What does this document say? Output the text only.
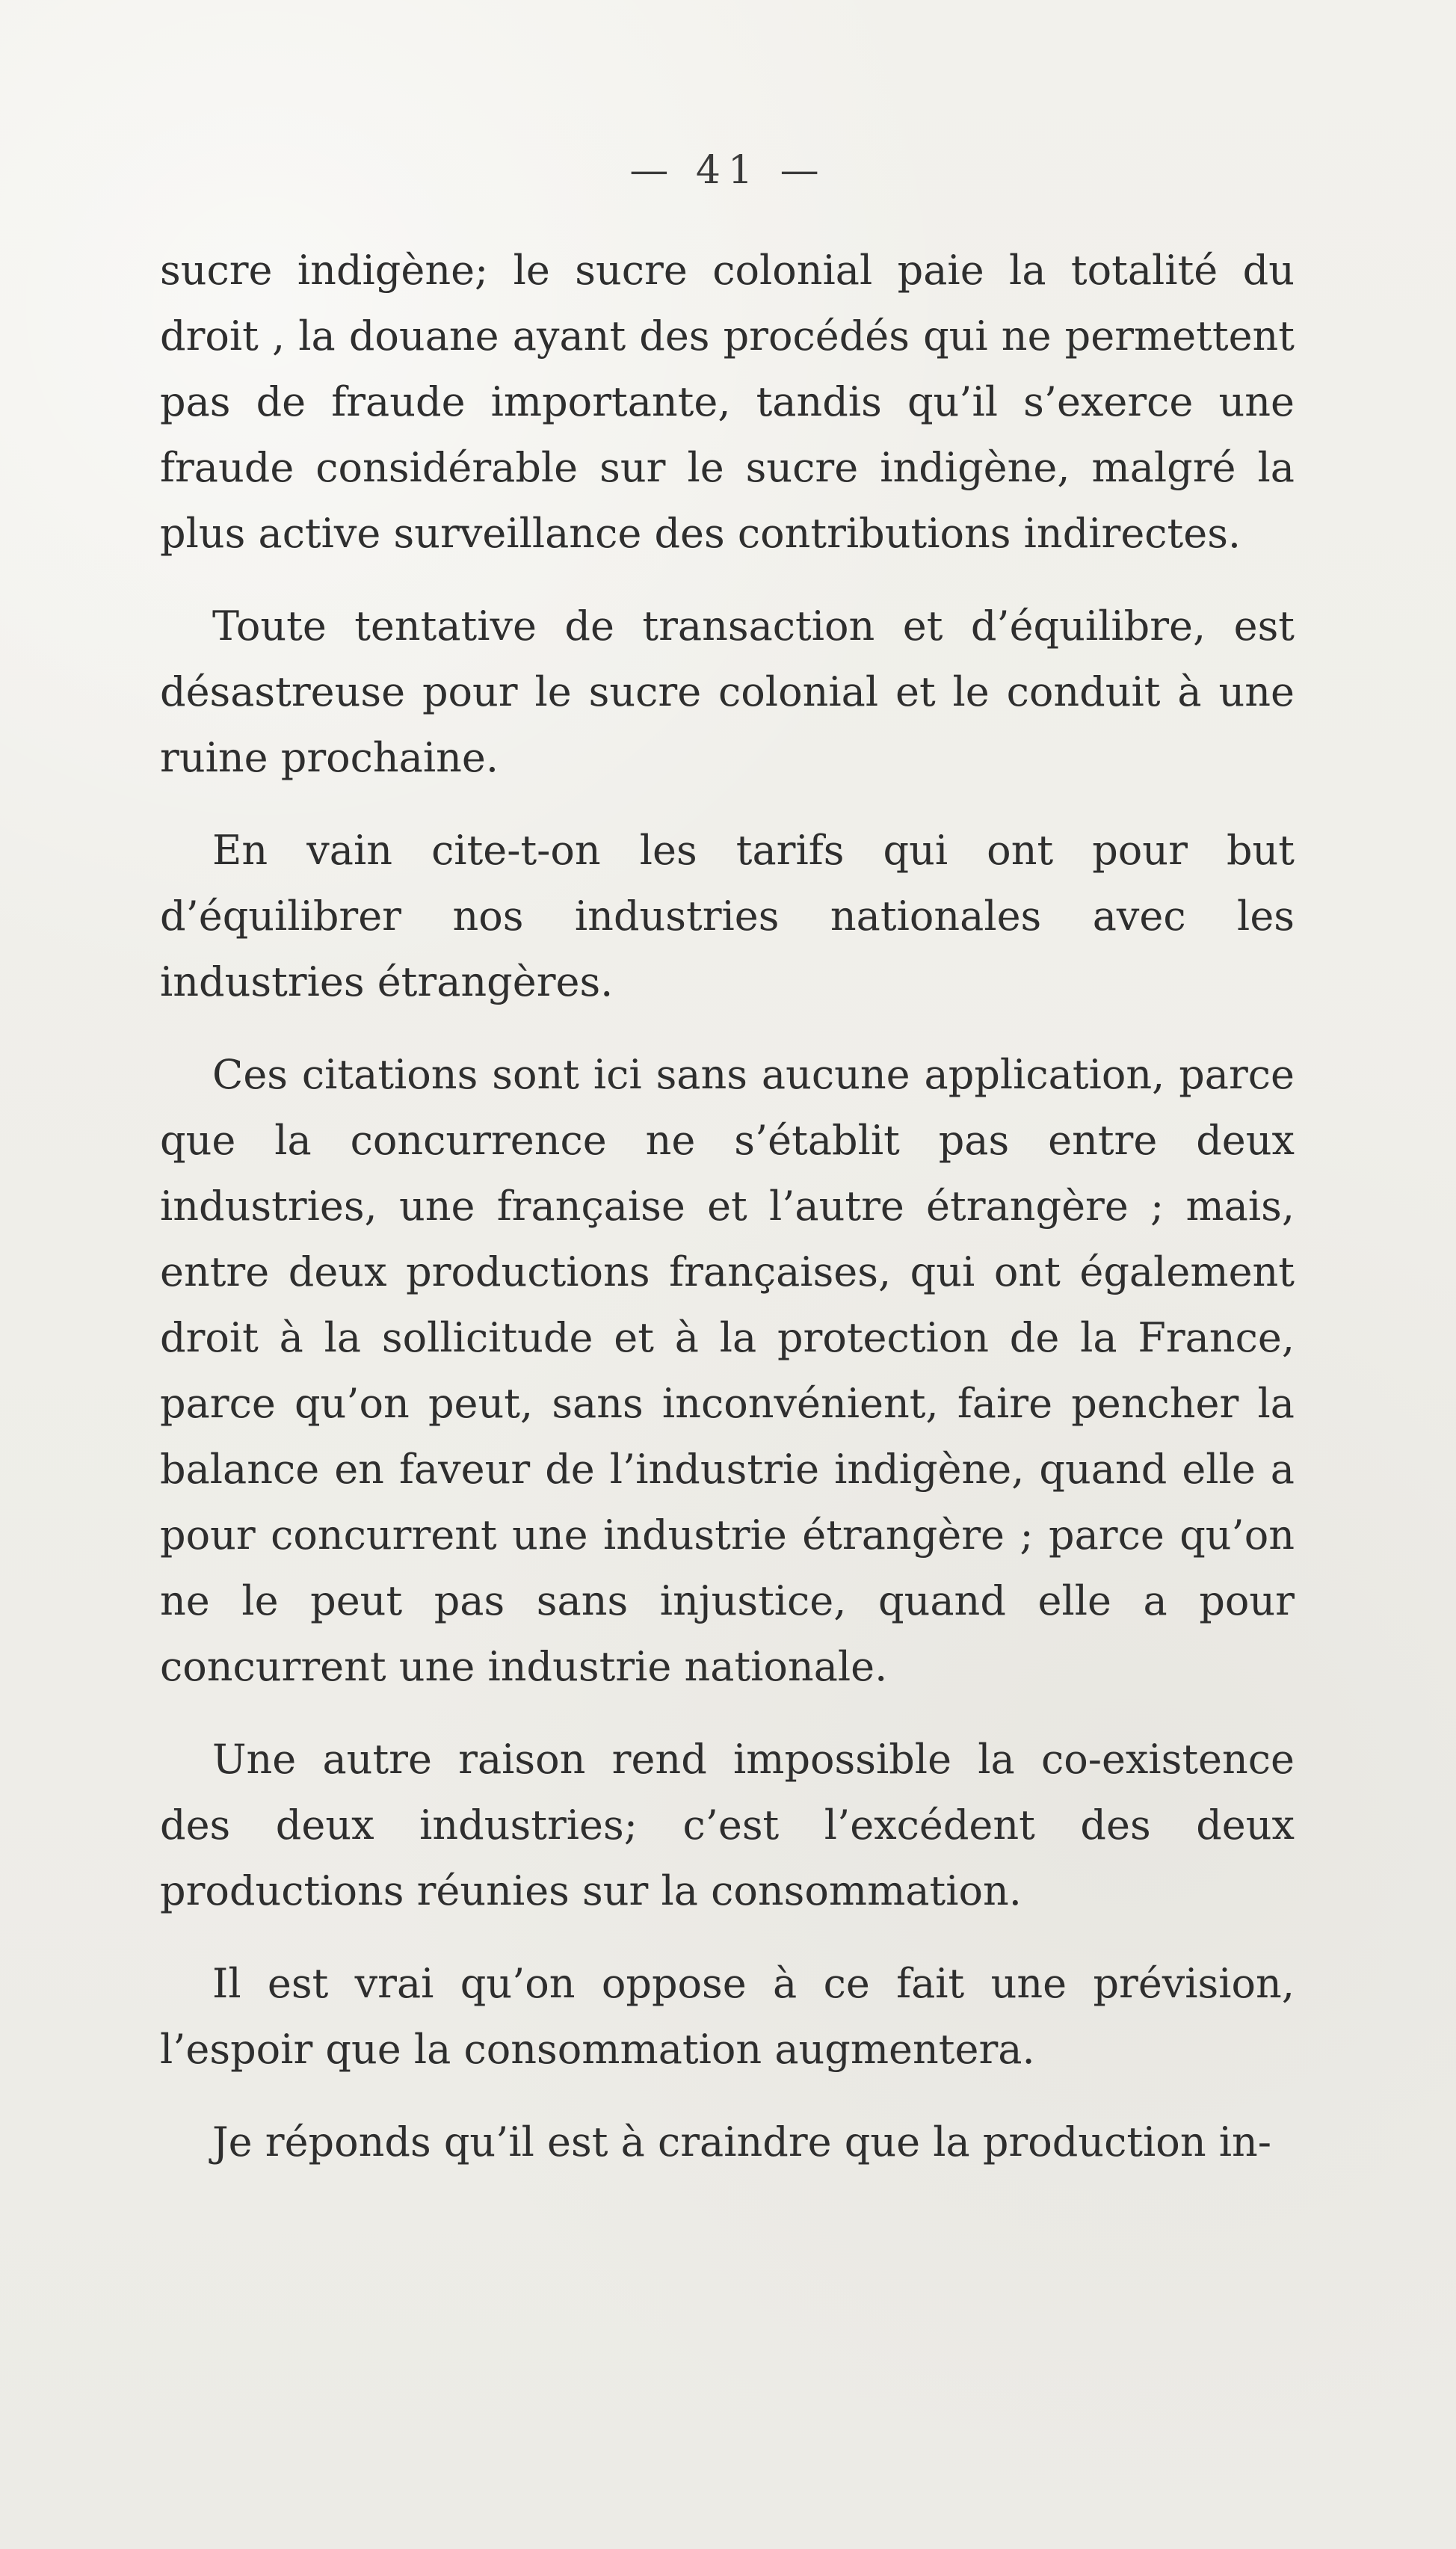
— 41 —

sucre indigène; le sucre colonial paie la totalité du droit , la douane ayant des procédés qui ne permettent pas de fraude importante, tandis qu’il s’exerce une fraude considérable sur le sucre indigène, malgré la plus active surveillance des contributions indirectes.

Toute tentative de transaction et d’équilibre, est désastreuse pour le sucre colonial et le conduit à une ruine prochaine.

En vain cite-t-on les tarifs qui ont pour but d’équilibrer nos industries nationales avec les industries étrangères.

Ces citations sont ici sans aucune application, parce que la concurrence ne s’établit pas entre deux industries, une française et l’autre étrangère ; mais, entre deux productions françaises, qui ont également droit à la sollicitude et à la protection de la France, parce qu’on peut, sans inconvénient, faire pencher la balance en faveur de l’industrie indigène, quand elle a pour concurrent une industrie étrangère ; parce qu’on ne le peut pas sans injustice, quand elle a pour concurrent une industrie nationale.

Une autre raison rend impossible la co-existence des deux industries; c’est l’excédent des deux productions réunies sur la consommation.

Il est vrai qu’on oppose à ce fait une prévision, l’espoir que la consommation augmentera.

Je réponds qu’il est à craindre que la production in-
